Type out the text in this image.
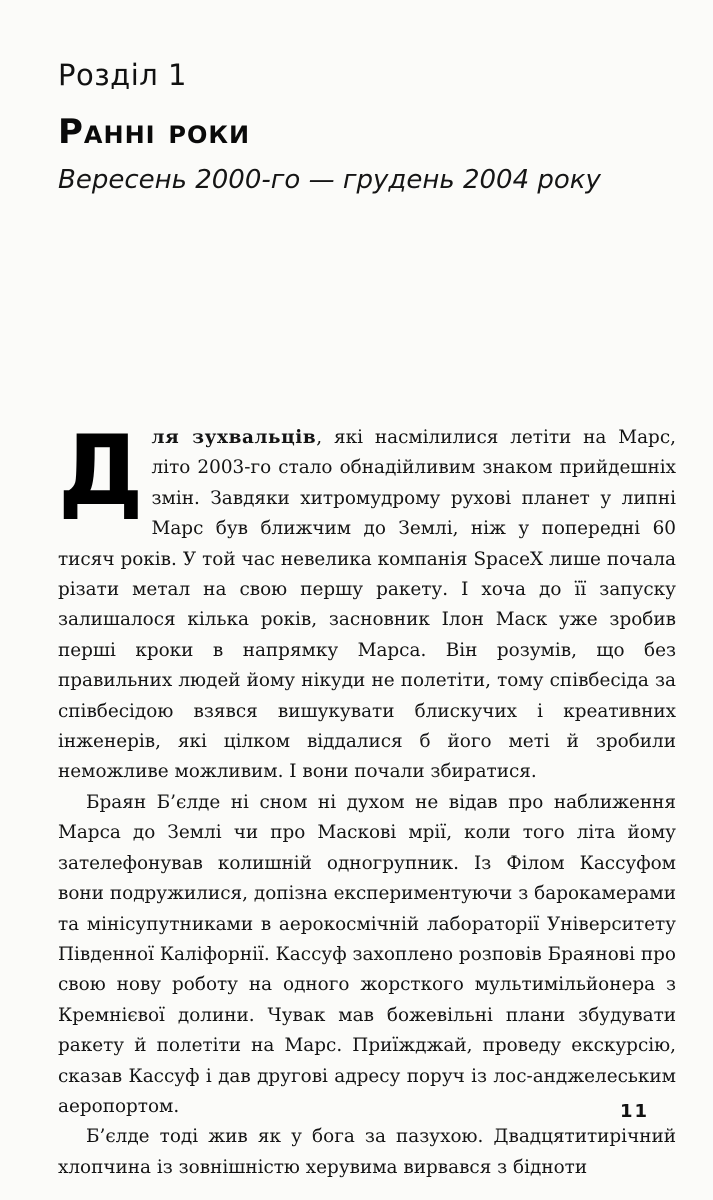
Розділ 1
Ранні роки
Вересень 2000-го — грудень 2004 року

Для зухвальців, які насмілилися летіти на Марс, літо 2003-го стало обнадійливим знаком прийдешніх змін. Завдяки хитромудрому рухові планет у липні Марс був ближчим до Землі, ніж у попередні 60 тисяч років. У той час невелика компанія SpaceX лише почала різати метал на свою першу ракету. І хоча до її запуску залишалося кілька років, засновник Ілон Маск уже зробив перші кроки в напрямку Марса. Він розумів, що без правильних людей йому нікуди не полетіти, тому співбесіда за співбесідою взявся вишукувати блискучих і креативних інженерів, які цілком віддалися б його меті й зробили неможливе можливим. І вони почали збиратися.

Браян Б’єлде ні сном ні духом не відав про наближення Марса до Землі чи про Маскові мрії, коли того літа йому зателефонував колишній одногрупник. Із Філом Кассуфом вони подружилися, допізна експериментуючи з барокамерами та мінісупутниками в аерокосмічній лабораторії Університету Південної Каліфорнії. Кассуф захоплено розповів Браянові про свою нову роботу на одного жорсткого мультимільйонера з Кремнієвої долини. Чувак мав божевільні плани збудувати ракету й полетіти на Марс. Приїжджай, проведу екскурсію, сказав Кассуф і дав другові адресу поруч із лос-анджелеським аеропортом.

Б’єлде тоді жив як у бога за пазухою. Двадцятитирічний хлопчина із зовнішністю херувима вирвався з бідноти

11
